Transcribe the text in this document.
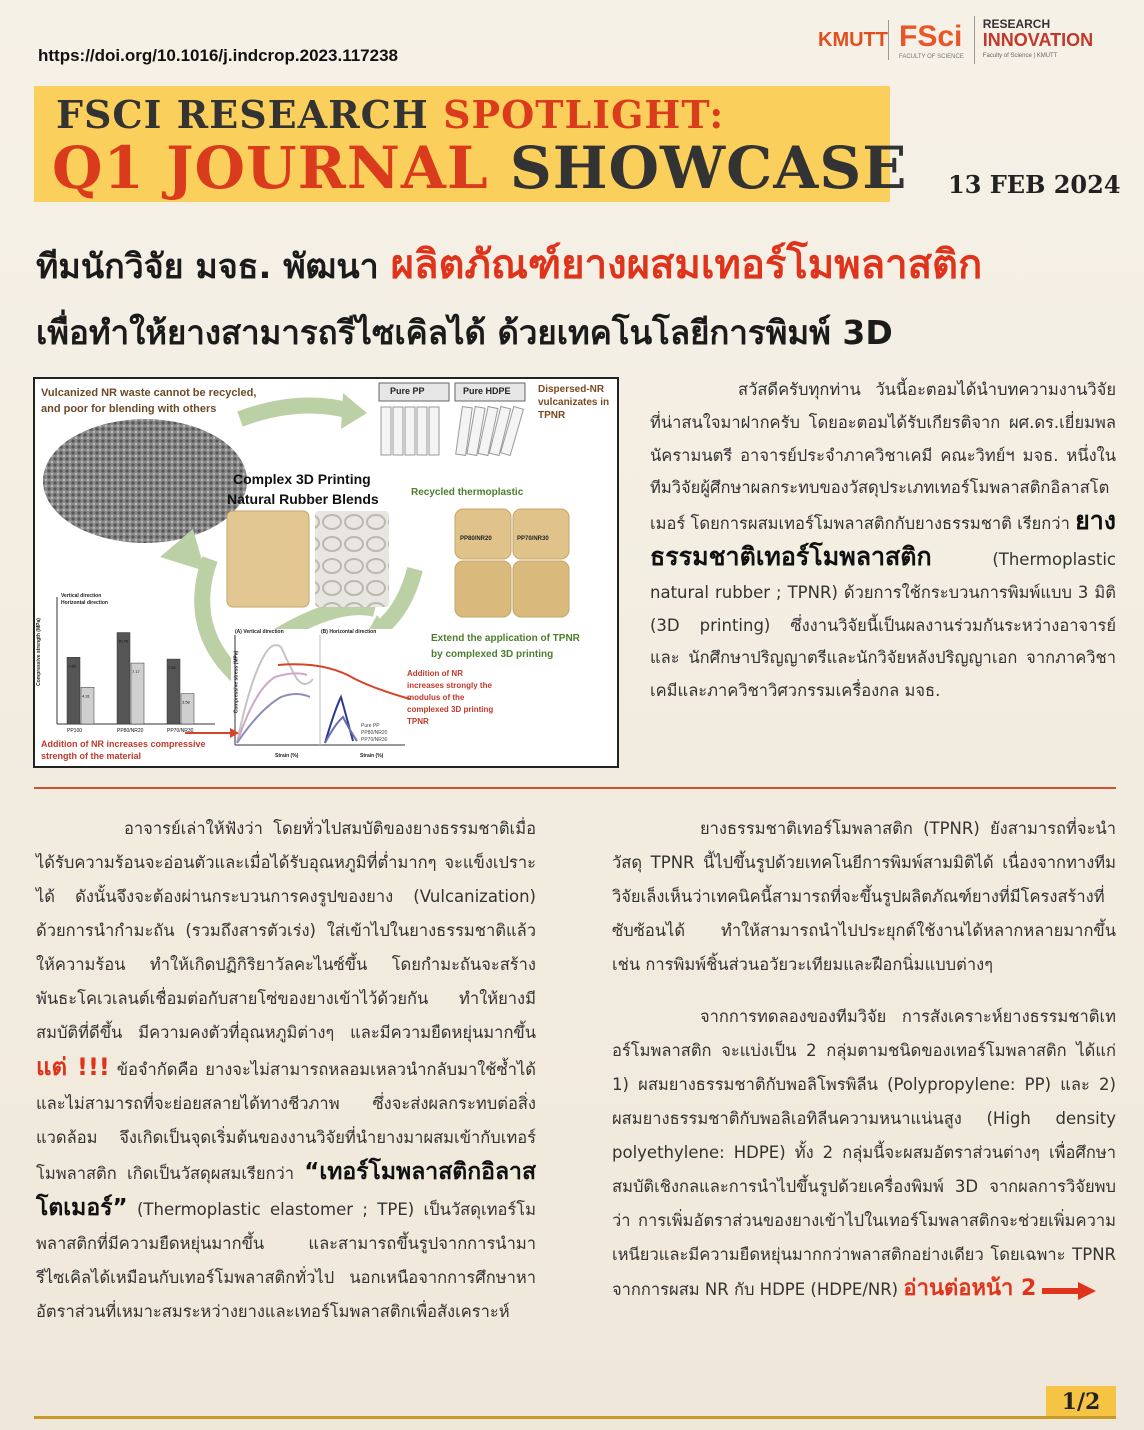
https://doi.org/10.1016/j.indcrop.2023.117238
KMUTT FSci
FACULTY OF SCIENCE
RESEARCH
INNOVATION
Faculty of Science | KMUTT
FSCI RESEARCH SPOTLIGHT:
Q1 JOURNAL SHOWCASE 13 FEB 2024
ทีมนักวิจัย มจธ. พัฒนา ผลิตภัณฑ์ยางผสมเทอร์โมพลาสติก
เพื่อทำให้ยางสามารถรีไซเคิลได้ ด้วยเทคโนโลยีการพิมพ์ 3D
7.85
4.31
PP100
10.76
7.17
PP80/NR20
7.64
3.58
PP70/NR30
Vulcanized NR waste cannot be recycled,
and poor for blending with others
Pure PP	Pure HDPE	Dispersed-NR vulcanizates in TPNR
Complex 3D Printing
Natural Rubber Blends	Recycled thermoplastic
PP80/NR20	PP70/NR30
Extend the application of TPNR
by complexed 3D printing
Addition of NR
increases strongly the
modulus of the
complexed 3D printing
TPNR
Addition of NR increases compressive
strength of the material
Vertical direction
Horizontal direction
(A) Vertical direction	(B) Horizontal direction
Compressive strength (MPa)	Compressive stress (MPa)
Strain (%)	Strain (%)
Pure PP
PP80/NR20
PP70/NR30
สวัสดีครับทุกท่าน วันนี้อะตอมได้นำบทความงานวิจัยที่น่าสนใจมาฝากครับ โดยอะตอมได้รับเกียรติจาก ผศ.ดร.เยี่ยมพล นัครามนตรี อาจารย์ประจำภาควิชาเคมี คณะวิทย์ฯ มจธ. หนึ่งในทีมวิจัยผู้ศึกษาผลกระทบของวัสดุประเภทเทอร์โมพลาสติกอิลาสโตเมอร์ โดยการผสมเทอร์โมพลาสติกกับยางธรรมชาติ เรียกว่า ยางธรรมชาติเทอร์โมพลาสติก	(Thermoplastic natural rubber ; TPNR) ด้วยการใช้กระบวนการพิมพ์แบบ 3 มิติ (3D printing) ซึ่งงานวิจัยนี้เป็นผลงานร่วมกันระหว่างอาจารย์และ นักศึกษาปริญญาตรีและนักวิจัยหลังปริญญาเอก จากภาควิชาเคมีและภาควิชาวิศวกรรมเครื่องกล มจธ.
อาจารย์เล่าให้ฟังว่า โดยทั่วไปสมบัติของยางธรรมชาติเมื่อได้รับความร้อนจะอ่อนตัวและเมื่อได้รับอุณหภูมิที่ต่ำมากๆ จะแข็งเปราะได้ ดังนั้นจึงจะต้องผ่านกระบวนการคงรูปของยาง (Vulcanization) ด้วยการนำกำมะถัน (รวมถึงสารตัวเร่ง) ใส่เข้าไปในยางธรรมชาติแล้วให้ความร้อน ทำให้เกิดปฏิกิริยาวัลคะไนซ์ขึ้น โดยกำมะถันจะสร้างพันธะโคเวเลนต์เชื่อมต่อกับสายโซ่ของยางเข้าไว้ด้วยกัน ทำให้ยางมีสมบัติที่ดีขึ้น มีความคงตัวที่อุณหภูมิต่างๆ และมีความยืดหยุ่นมากขึ้น แต่ !!! ข้อจำกัดคือ ยางจะไม่สามารถหลอมเหลวนำกลับมาใช้ซ้ำได้และไม่สามารถที่จะย่อยสลายได้ทางชีวภาพ ซึ่งจะส่งผลกระทบต่อสิ่งแวดล้อม จึงเกิดเป็นจุดเริ่มต้นของงานวิจัยที่นำยางมาผสมเข้ากับเทอร์โมพลาสติก เกิดเป็นวัสดุผสมเรียกว่า “เทอร์โมพลาสติกอิลาสโตเมอร์” (Thermoplastic elastomer ; TPE) เป็นวัสดุเทอร์โมพลาสติกที่มีความยืดหยุ่นมากขึ้น และสามารถขึ้นรูปจากการนำมารีไซเคิลได้เหมือนกับเทอร์โมพลาสติกทั่วไป นอกเหนือจากการศึกษาหาอัตราส่วนที่เหมาะสมระหว่างยางและเทอร์โมพลาสติกเพื่อสังเคราะห์
ยางธรรมชาติเทอร์โมพลาสติก (TPNR) ยังสามารถที่จะนำวัสดุ TPNR นี้ไปขึ้นรูปด้วยเทคโนยีการพิมพ์สามมิติได้ เนื่องจากทางทีมวิจัยเล็งเห็นว่าเทคนิคนี้สามารถที่จะขึ้นรูปผลิตภัณฑ์ยางที่มีโครงสร้างที่ซับซ้อนได้ ทำให้สามารถนำไปประยุกต์ใช้งานได้หลากหลายมากขึ้น เช่น การพิมพ์ชิ้นส่วนอวัยวะเทียมและฝือกนิ่มแบบต่างๆ
จากการทดลองของทีมวิจัย การสังเคราะห์ยางธรรมชาติเทอร์โมพลาสติก จะแบ่งเป็น 2 กลุ่มตามชนิดของเทอร์โมพลาสติก ได้แก่ 1) ผสมยางธรรมชาติกับพอลิโพรพิลีน (Polypropylene: PP) และ 2) ผสมยางธรรมชาติกับพอลิเอทิลีนความหนาแน่นสูง (High density polyethylene: HDPE) ทั้ง 2 กลุ่มนี้จะผสมอัตราส่วนต่างๆ เพื่อศึกษาสมบัติเชิงกลและการนำไปขึ้นรูปด้วยเครื่องพิมพ์ 3D จากผลการวิจัยพบว่า การเพิ่มอัตราส่วนของยางเข้าไปในเทอร์โมพลาสติกจะช่วยเพิ่มความเหนียวและมีความยืดหยุ่นมากกว่าพลาสติกอย่างเดียว โดยเฉพาะ TPNR จากการผสม NR กับ HDPE (HDPE/NR) อ่านต่อหน้า 2
1/2
